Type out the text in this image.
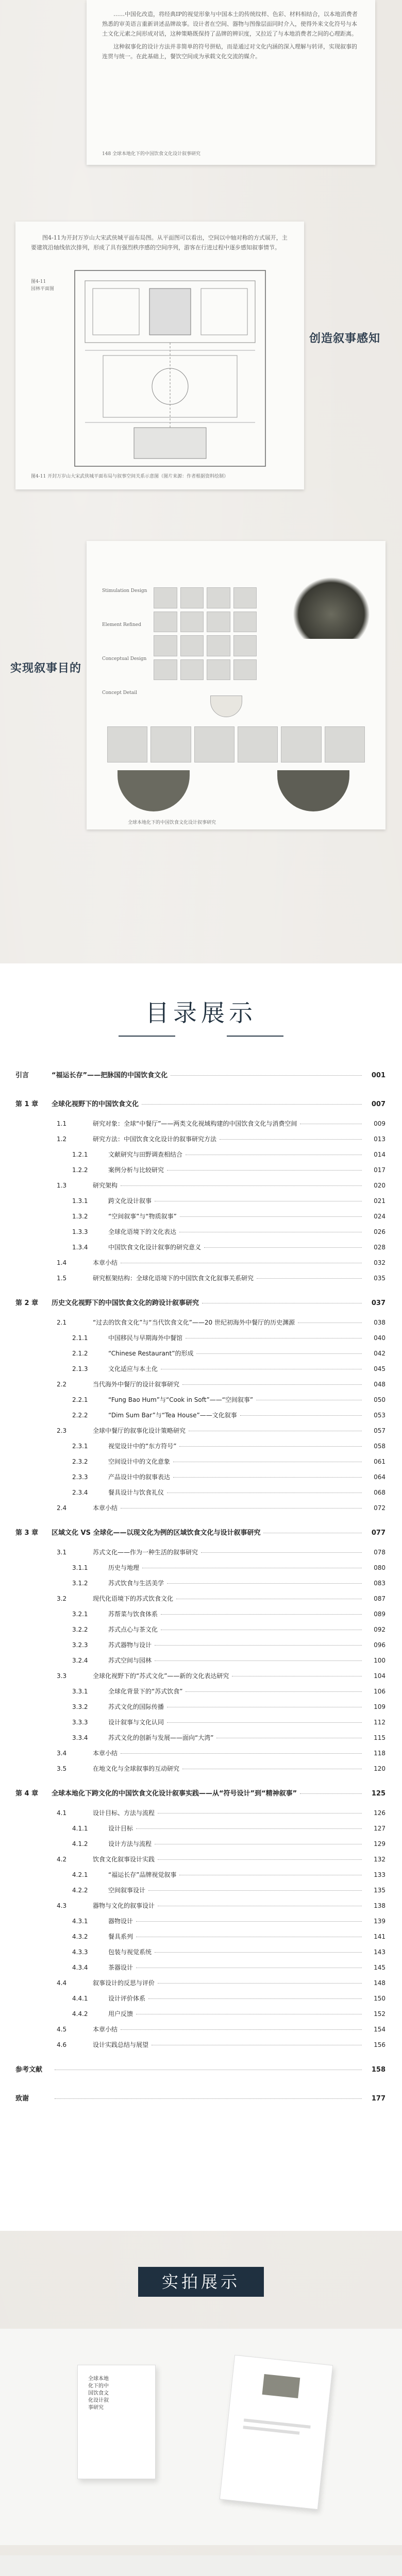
……中国化改造，将经典IP的视觉形象与中国本土的传统纹样、色彩、材料相结合，以本地消费者熟悉的审美语言重新讲述品牌故事。设计者在空间、器物与图像层面同时介入，使得外来文化符号与本土文化元素之间形成对话，这种策略既保持了品牌的辨识度，又拉近了与本地消费者之间的心理距离。

这种叙事化的设计方法并非简单的符号拼贴，而是通过对文化内涵的深入理解与转译，实现叙事的连贯与统一。在此基础上，餐饮空间成为承载文化交流的媒介。

148 全球本地化下的中国饮食文化设计叙事研究

图4-11为开封万岁山大宋武侠城平面布局图。从平面图可以看出，空间以中轴对称的方式展开，主要建筑沿轴线依次排列，形成了具有强烈秩序感的空间序列，游客在行进过程中逐步感知叙事情节。

图4-11
园林平面图
图4-11 开封万岁山大宋武侠城平面布局与叙事空间关系示意图（图片来源：作者根据资料绘制）
创造叙事感知
Stimulation Design
Element Refined
Conceptual Design
Concept Detail
全球本地化下的中国饮食文化设计叙事研究
实现叙事目的
目录展示
引言	“福运长存”——把脉国的中国饮食文化	001
第 1 章	全球化视野下的中国饮食文化	007
1.1	研究对象：全球“中餐厅”——两类文化视域构建的中国饮食文化与消费空间	009
1.2	研究方法：中国饮食文化设计的叙事研究方法	013
1.2.1	文献研究与田野调查相结合	014
1.2.2	案例分析与比较研究	017
1.3	研究架构	020
1.3.1	跨文化设计叙事	021
1.3.2	“空间叙事”与“物质叙事”	024
1.3.3	全球化语境下的文化表达	026
1.3.4	中国饮食文化设计叙事的研究意义	028
1.4	本章小结	032
1.5	研究框架结构：全球化语境下的中国饮食文化叙事关系研究	035
第 2 章	历史文化视野下的中国饮食文化的跨设计叙事研究	037
2.1	“过去的饮食文化”与“当代饮食文化”——20 世纪初海外中餐厅的历史渊源	038
2.1.1	中国移民与早期海外中餐馆	040
2.1.2	“Chinese Restaurant”的形成	042
2.1.3	文化适应与本土化	045
2.2	当代海外中餐厅的设计叙事研究	048
2.2.1	“Fung Bao Hum”与“Cook in Soft”——“空间叙事”	050
2.2.2	“Dim Sum Bar”与“Tea House”——文化叙事	053
2.3	全球中餐厅的叙事化设计策略研究	057
2.3.1	视觉设计中的“东方符号”	058
2.3.2	空间设计中的文化意象	061
2.3.3	产品设计中的叙事表达	064
2.3.4	餐具设计与饮食礼仪	068
2.4	本章小结	072
第 3 章	区域文化 VS 全球化——以现文化为例的区域饮食文化与设计叙事研究	077
3.1	苏式文化——作为一种生活的叙事研究	078
3.1.1	历史与地理	080
3.1.2	苏式饮食与生活美学	083
3.2	现代化语境下的苏式饮食文化	087
3.2.1	苏帮菜与饮食体系	089
3.2.2	苏式点心与茶文化	092
3.2.3	苏式器物与设计	096
3.2.4	苏式空间与园林	100
3.3	全球化视野下的“苏式文化”——新的文化表达研究	104
3.3.1	全球化背景下的“苏式饮食”	106
3.3.2	苏式文化的国际传播	109
3.3.3	设计叙事与文化认同	112
3.3.4	苏式文化的创新与发展——面向“大湾”	115
3.4	本章小结	118
3.5	在地文化与全球叙事的互动研究	120
第 4 章	全球本地化下跨文化的中国饮食文化设计叙事实践——从“符号设计”到“精神叙事”	125
4.1	设计目标、方法与流程	126
4.1.1	设计目标	127
4.1.2	设计方法与流程	129
4.2	饮食文化叙事设计实践	132
4.2.1	“福运长存”品牌视觉叙事	133
4.2.2	空间叙事设计	135
4.3	器物与文化的叙事设计	138
4.3.1	器物设计	139
4.3.2	餐具系列	141
4.3.3	包装与视觉系统	143
4.3.4	茶器设计	145
4.4	叙事设计的反思与评价	148
4.4.1	设计评价体系	150
4.4.2	用户反馈	152
4.5	本章小结	154
4.6	设计实践总结与展望	156
参考文献	158
致谢	177
实拍展示
全球本地化下的中国饮食文化设计叙事研究
